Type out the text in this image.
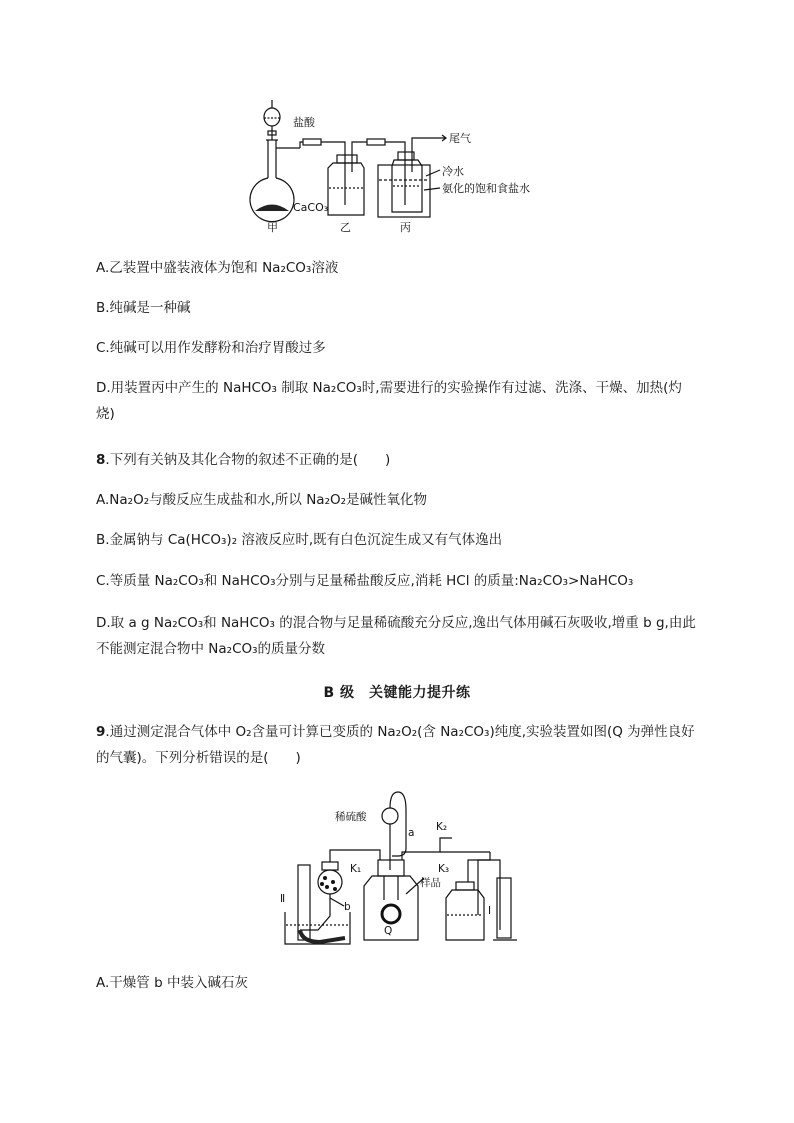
盐酸
尾气
CaCO₃
冷水
氨化的饱和食盐水
甲	乙	丙
A.乙装置中盛装液体为饱和 Na₂CO₃溶液
B.纯碱是一种碱
C.纯碱可以用作发酵粉和治疗胃酸过多
D.用装置丙中产生的 NaHCO₃ 制取 Na₂CO₃时,需要进行的实验操作有过滤、洗涤、干燥、加热(灼
烧)
8.下列有关钠及其化合物的叙述不正确的是(　　)
A.Na₂O₂与酸反应生成盐和水,所以 Na₂O₂是碱性氧化物
B.金属钠与 Ca(HCO₃)₂ 溶液反应时,既有白色沉淀生成又有气体逸出
C.等质量 Na₂CO₃和 NaHCO₃分别与足量稀盐酸反应,消耗 HCl 的质量:Na₂CO₃>NaHCO₃
D.取 a g Na₂CO₃和 NaHCO₃ 的混合物与足量稀硫酸充分反应,逸出气体用碱石灰吸收,增重 b g,由此
不能测定混合物中 Na₂CO₃的质量分数
B 级　关键能力提升练
9.通过测定混合气体中 O₂含量可计算已变质的 Na₂O₂(含 Na₂CO₃)纯度,实验装置如图(Q 为弹性良好
的气囊)。下列分析错误的是(　　)
稀硫酸
a
K₁
K₂
K₃
样品
b
Q
Ⅱ
Ⅰ
A.干燥管 b 中装入碱石灰
